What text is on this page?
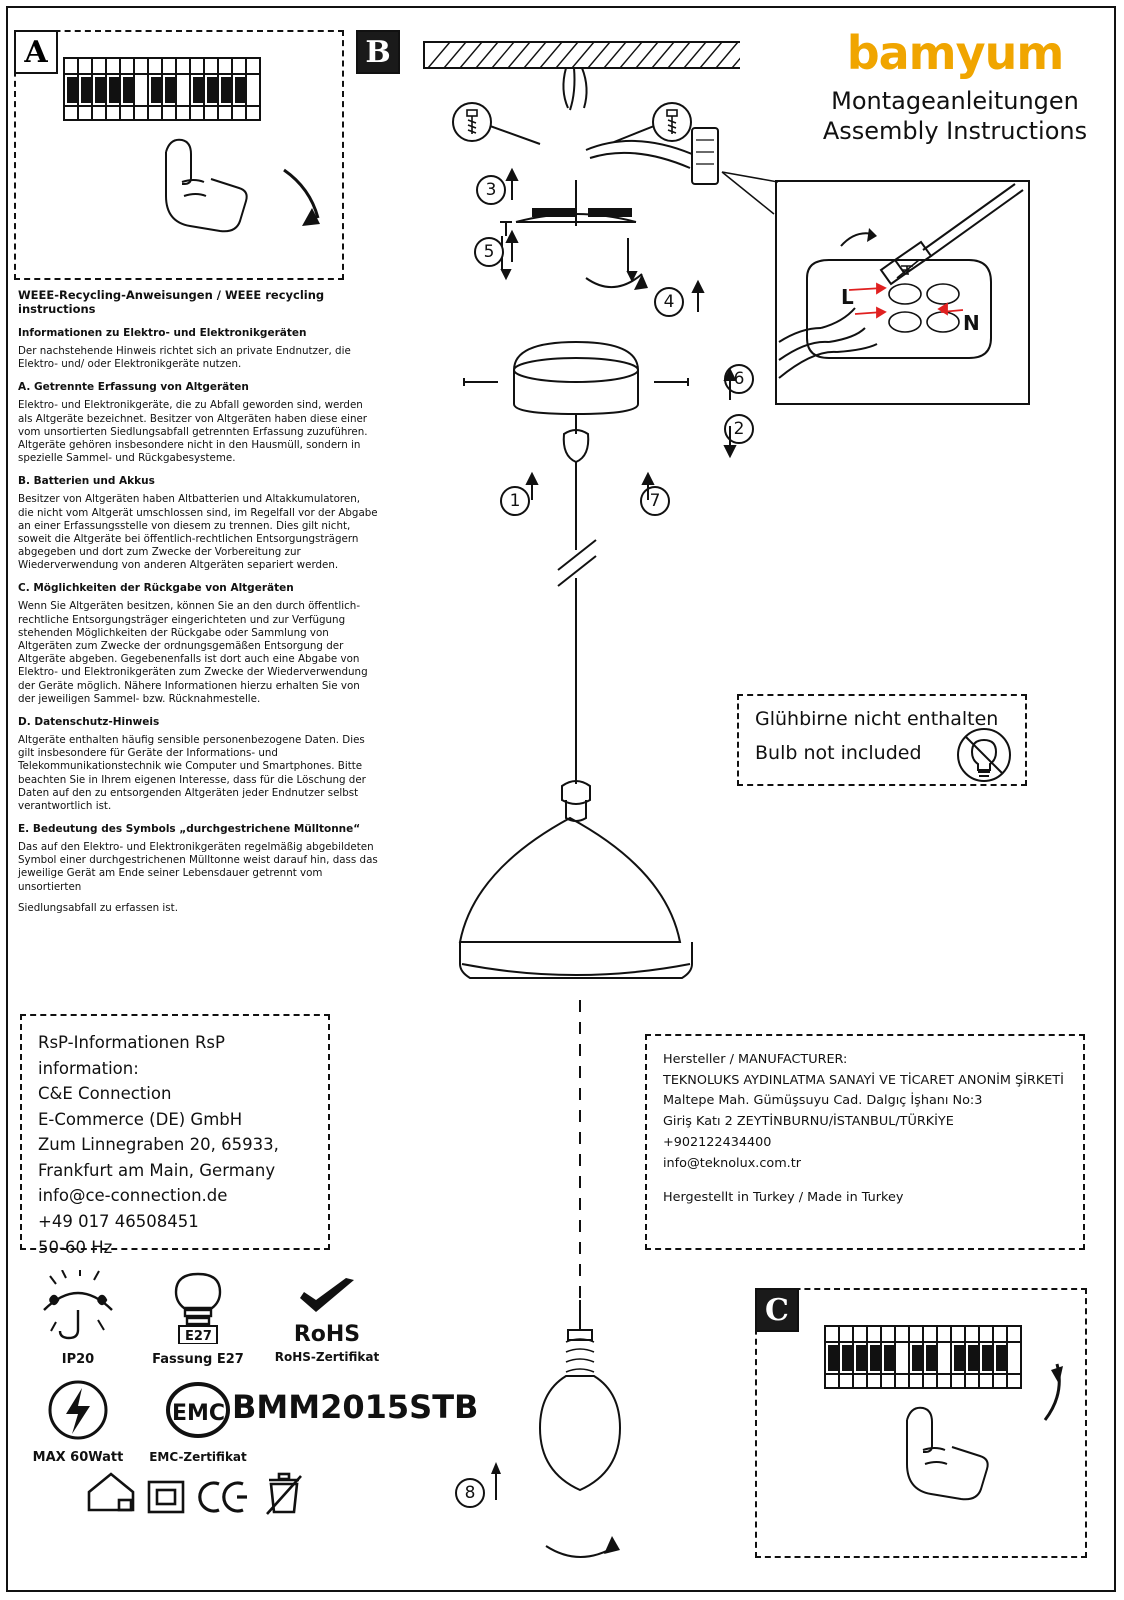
A
WEEE-Recycling-Anweisungen / WEEE recycling instructions
Informationen zu Elektro- und Elektronikgeräten

Der nachstehende Hinweis richtet sich an private Endnutzer, die Elektro- und/ oder Elektronikgeräte nutzen.

A. Getrennte Erfassung von Altgeräten

Elektro- und Elektronikgeräte, die zu Abfall geworden sind, werden als Altgeräte bezeichnet. Besitzer von Altgeräten haben diese einer vom unsortierten Siedlungsabfall getrennten Erfassung zuzuführen. Altgeräte gehören insbesondere nicht in den Hausmüll, sondern in spezielle Sammel- und Rückgabesysteme.

B. Batterien und Akkus

Besitzer von Altgeräten haben Altbatterien und Altakkumulatoren, die nicht vom Altgerät umschlossen sind, im Regelfall vor der Abgabe an einer Erfassungsstelle von diesem zu trennen. Dies gilt nicht, soweit die Altgeräte bei öffentlich-rechtlichen Entsorgungsträgern abgegeben und dort zum Zwecke der Vorbereitung zur Wiederverwendung von anderen Altgeräten separiert werden.

C. Möglichkeiten der Rückgabe von Altgeräten

Wenn Sie Altgeräten besitzen, können Sie an den durch öffentlich-rechtliche Entsorgungsträger eingerichteten und zur Verfügung stehenden Möglichkeiten der Rückgabe oder Sammlung von Altgeräten zum Zwecke der ordnungsgemäßen Entsorgung der Altgeräte abgeben. Gegebenenfalls ist dort auch eine Abgabe von Elektro- und Elektronikgeräten zum Zwecke der Wiederverwendung der Geräte möglich. Nähere Informationen hierzu erhalten Sie von der jeweiligen Sammel- bzw. Rücknahmestelle.

D. Datenschutz-Hinweis

Altgeräte enthalten häufig sensible personenbezogene Daten. Dies gilt insbesondere für Geräte der Informations- und Telekommunikationstechnik wie Computer und Smartphones. Bitte beachten Sie in Ihrem eigenen Interesse, dass für die Löschung der Daten auf den zu entsorgenden Altgeräten jeder Endnutzer selbst verantwortlich ist.

E. Bedeutung des Symbols „durchgestrichene Mülltonne“

Das auf den Elektro- und Elektronikgeräten regelmäßig abgebildeten Symbol einer durchgestrichenen Mülltonne weist darauf hin, dass das jeweilige Gerät am Ende seiner Lebensdauer getrennt vom unsortierten

Siedlungsabfall zu erfassen ist.

RsP-Informationen RsP information:
C&E Connection
E-Commerce (DE) GmbH
Zum Linnegraben 20, 65933,
Frankfurt am Main, Germany
info@ce-connection.de
+49 017 46508451
50-60 Hz
Hersteller / MANUFACTURER:
TEKNOLUKS AYDINLATMA SANAYİ VE TİCARET ANONİM ŞİRKETİ
Maltepe Mah. Gümüşsuyu Cad. Dalgıç İşhanı No:3
Giriş Katı 2 ZEYTİNBURNU/İSTANBUL/TÜRKİYE
+902122434400
info@teknolux.com.tr
Hergestellt in Turkey / Made in Turkey
bamyum
Montageanleitungen
Assembly Instructions
B
3
5
4
6
2
1	7
8
L
N
Glühbirne nicht enthalten
Bulb not included
C
IP20
E27
Fassung E27
RoHS
RoHS-Zertifikat
MAX 60Watt
EMC
EMC-Zertifikat
BMM2015STB
